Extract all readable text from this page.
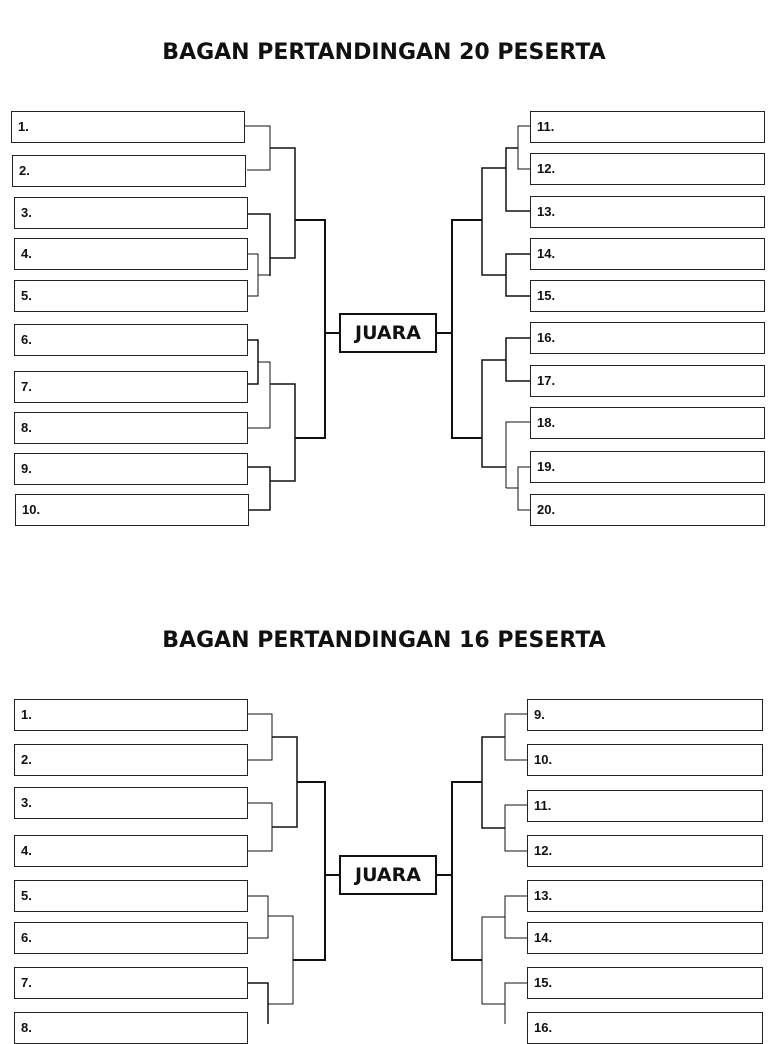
BAGAN PERTANDINGAN 20 PESERTA
1.
2.
3.
4.
5.
6.
7.
8.
9.
10.
11.
12.
13.
14.
15.
16.
17.
18.
19.
20.
JUARA
BAGAN PERTANDINGAN 16 PESERTA
1.
2.
3.
4.
5.
6.
7.
8.
9.
10.
11.
12.
13.
14.
15.
16.
JUARA
